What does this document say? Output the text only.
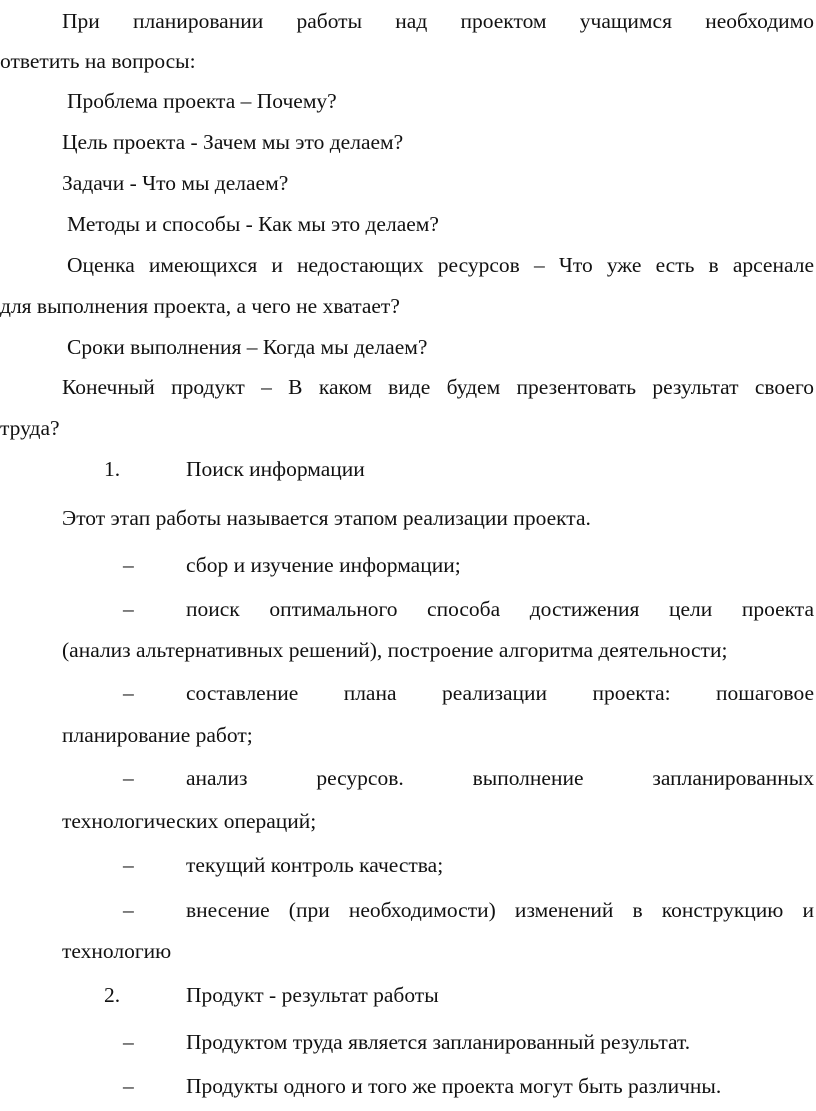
При планировании работы над проектом учащимся необходимо

ответить на вопросы:

Проблема проекта – Почему?

Цель проекта - Зачем мы это делаем?

Задачи - Что мы делаем?

Методы и способы - Как мы это делаем?

Оценка имеющихся и недостающих ресурсов – Что уже есть в арсенале

для выполнения проекта, а чего не хватает?

Сроки выполнения – Когда мы делаем?

Конечный продукт – В каком виде будем презентовать результат своего

труда?

1.	Поиск информации

Этот этап работы называется этапом реализации проекта.

– сбор и изучение информации;
– поиск оптимального способа достижения цели проекта

(анализ альтернативных решений), построение алгоритма деятельности;

– составление плана реализации проекта: пошаговое

планирование работ;

– анализ ресурсов. выполнение запланированных

технологических операций;

– текущий контроль качества;
– внесение (при необходимости) изменений в конструкцию и

технологию

2.	Продукт - результат работы
– Продуктом труда является запланированный результат.
– Продукты одного и того же проекта могут быть различны.
